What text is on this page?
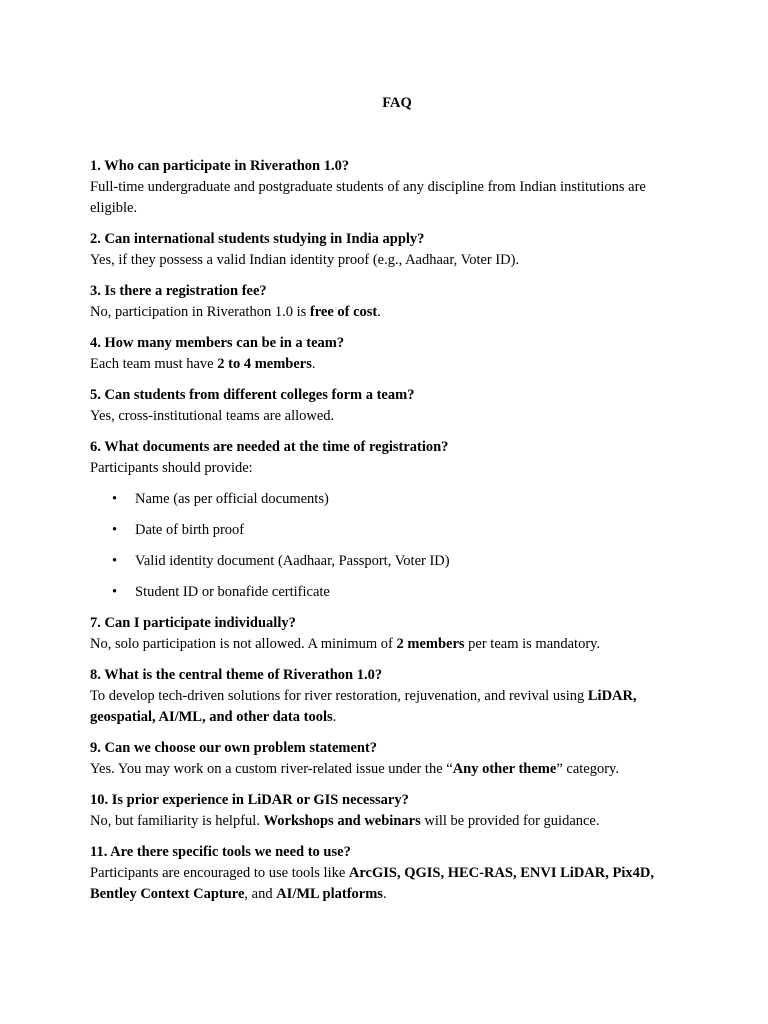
FAQ

1. Who can participate in Riverathon 1.0?

Full-time undergraduate and postgraduate students of any discipline from Indian institutions are eligible.

2. Can international students studying in India apply?

Yes, if they possess a valid Indian identity proof (e.g., Aadhaar, Voter ID).

3. Is there a registration fee?

No, participation in Riverathon 1.0 is free of cost.

4. How many members can be in a team?

Each team must have 2 to 4 members.

5. Can students from different colleges form a team?

Yes, cross-institutional teams are allowed.

6. What documents are needed at the time of registration?

Participants should provide:

• Name (as per official documents)
• Date of birth proof
• Valid identity document (Aadhaar, Passport, Voter ID)
• Student ID or bonafide certificate

7. Can I participate individually?

No, solo participation is not allowed. A minimum of 2 members per team is mandatory.

8. What is the central theme of Riverathon 1.0?

To develop tech-driven solutions for river restoration, rejuvenation, and revival using LiDAR, geospatial, AI/ML, and other data tools.

9. Can we choose our own problem statement?

Yes. You may work on a custom river-related issue under the “Any other theme” category.

10. Is prior experience in LiDAR or GIS necessary?

No, but familiarity is helpful. Workshops and webinars will be provided for guidance.

11. Are there specific tools we need to use?

Participants are encouraged to use tools like ArcGIS, QGIS, HEC-RAS, ENVI LiDAR, Pix4D, Bentley Context Capture, and AI/ML platforms.
